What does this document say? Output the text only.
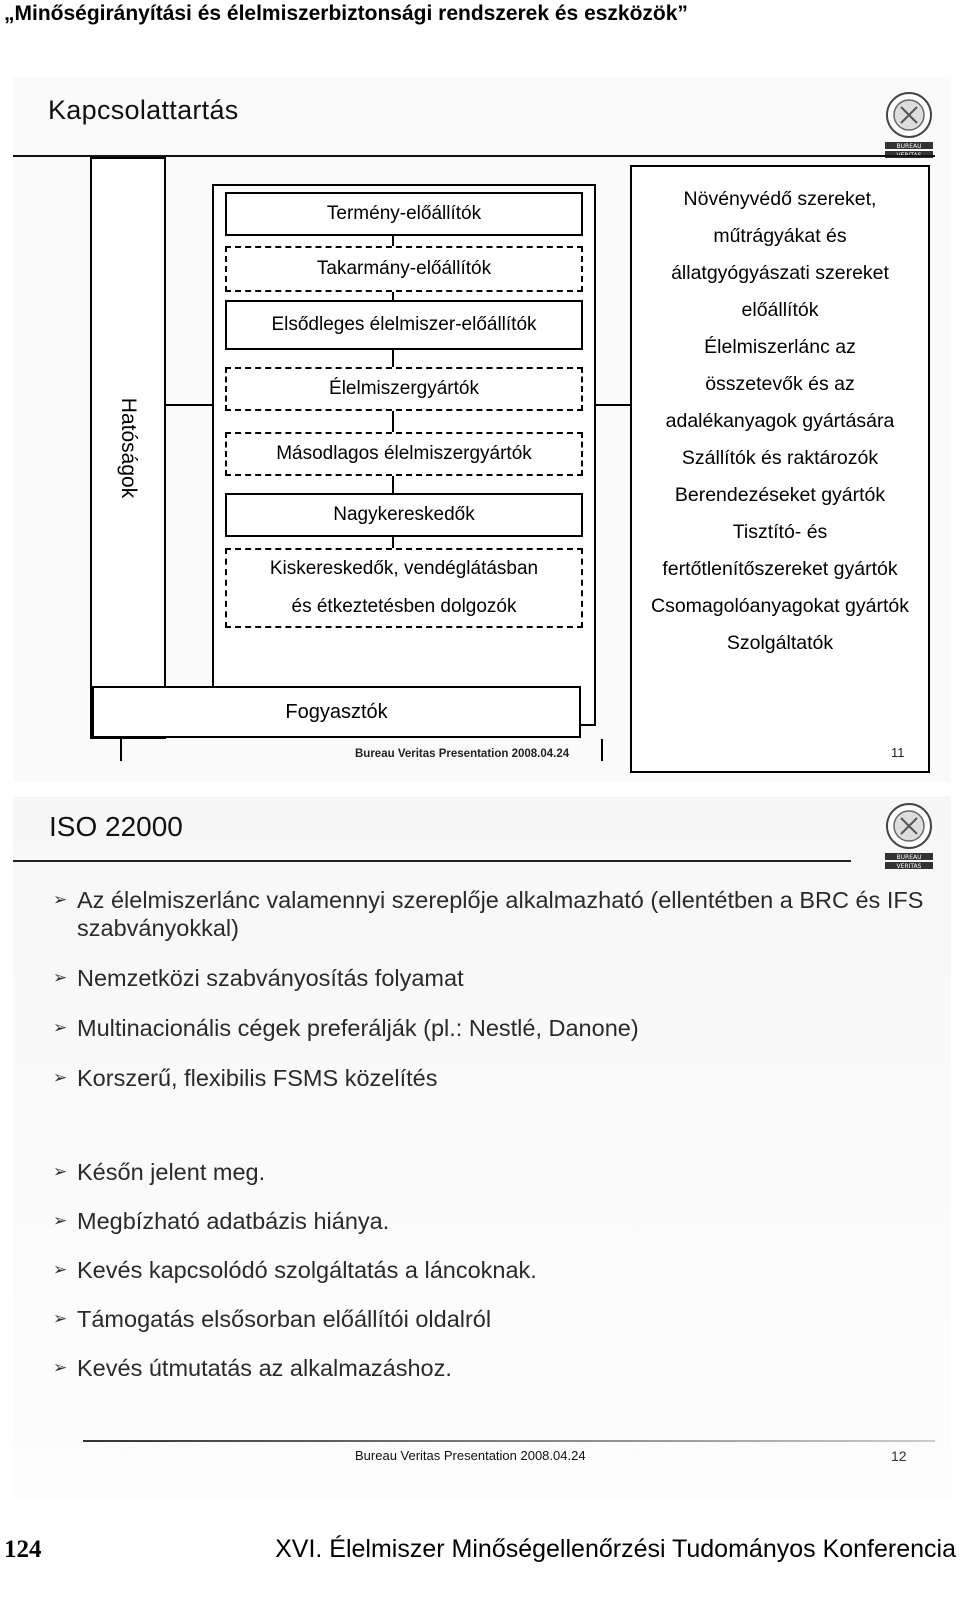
„Minőségirányítási és élelmiszerbiztonsági rendszerek és eszközök”
Kapcsolattartás
BUREAU
Hatóságok
Termény-előállítók
Takarmány-előállítók
Elsődleges élelmiszer-előállítók
Élelmiszergyártók
Másodlagos élelmiszergyártók
Nagykereskedők
Kiskereskedők, vendéglátásban
és étkeztetésben dolgozók
Növényvédő szereket,
műtrágyákat és
állatgyógyászati szereket
előállítók
Élelmiszerlánc az
összetevők és az
adalékanyagok gyártására
Szállítók és raktározók
Berendezéseket gyártók
Tisztító- és
fertőtlenítőszereket gyártók
Csomagolóanyagokat gyártók
Szolgáltatók
Fogyasztók
Bureau Veritas Presentation 2008.04.24	11
ISO 22000
BUREAU
VERITAS
➢ Az élelmiszerlánc valamennyi szereplője alkalmazható (ellentétben a BRC és IFS szabványokkal)
➢ Nemzetközi szabványosítás folyamat
➢ Multinacionális cégek preferálják (pl.: Nestlé, Danone)
➢ Korszerű, flexibilis FSMS közelítés
➢ Későn jelent meg.
➢ Megbízható adatbázis hiánya.
➢ Kevés kapcsolódó szolgáltatás a láncoknak.
➢ Támogatás elsősorban előállítói oldalról
➢ Kevés útmutatás az alkalmazáshoz.
Bureau Veritas Presentation 2008.04.24	12
124	XVI. Élelmiszer Minőségellenőrzési Tudományos Konferencia
